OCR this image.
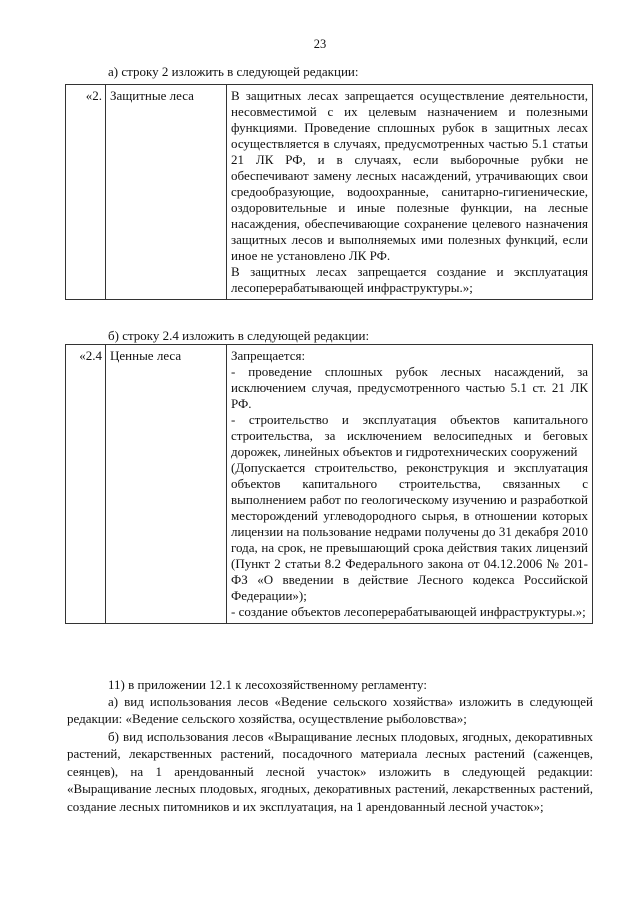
23
а) строку 2 изложить в следующей редакции:
«2.	Защитные леса	В защитных лесах запрещается осуществление деятельности, несовместимой с их целевым назначением и полезными функциями. Проведение сплошных рубок в защитных лесах осуществляется в случаях, предусмотренных частью 5.1 статьи 21 ЛК РФ, и в случаях, если выборочные рубки не обеспечивают замену лесных насаждений, утрачивающих свои средообразующие, водоохранные, санитарно-гигиенические, оздоровительные и иные полезные функции, на лесные насаждения, обеспечивающие сохранение целевого назначения защитных лесов и выполняемых ими полезных функций, если иное не установлено ЛК РФ.

В защитных лесах запрещается создание и эксплуатация лесоперерабатывающей инфраструктуры.»;

б) строку 2.4 изложить в следующей редакции:
«2.4	Ценные леса	Запрещается:

- проведение сплошных рубок лесных насаждений, за исключением случая, предусмотренного частью 5.1 ст. 21 ЛК РФ.

- строительство и эксплуатация объектов капитального строительства, за исключением велосипедных и беговых дорожек, линейных объектов и гидротехнических сооружений

(Допускается строительство, реконструкция и эксплуатация объектов капитального строительства, связанных с выполнением работ по геологическому изучению и разработкой месторождений углеводородного сырья, в отношении которых лицензии на пользование недрами получены до 31 декабря 2010 года, на срок, не превышающий срока действия таких лицензий (Пункт 2 статьи 8.2 Федерального закона от 04.12.2006 № 201-ФЗ «О введении в действие Лесного кодекса Российской Федерации»);

- создание объектов лесоперерабатывающей инфраструктуры.»;

11) в приложении 12.1 к лесохозяйственному регламенту:
а) вид использования лесов «Ведение сельского хозяйства» изложить в следующей редакции: «Ведение сельского хозяйства, осуществление рыболовства»;
б) вид использования лесов «Выращивание лесных плодовых, ягодных, декоративных растений, лекарственных растений, посадочного материала лесных растений (саженцев, сеянцев), на 1 арендованный лесной участок» изложить в следующей редакции: «Выращивание лесных плодовых, ягодных, декоративных растений, лекарственных растений, создание лесных питомников и их эксплуатация, на 1 арендованный лесной участок»;
